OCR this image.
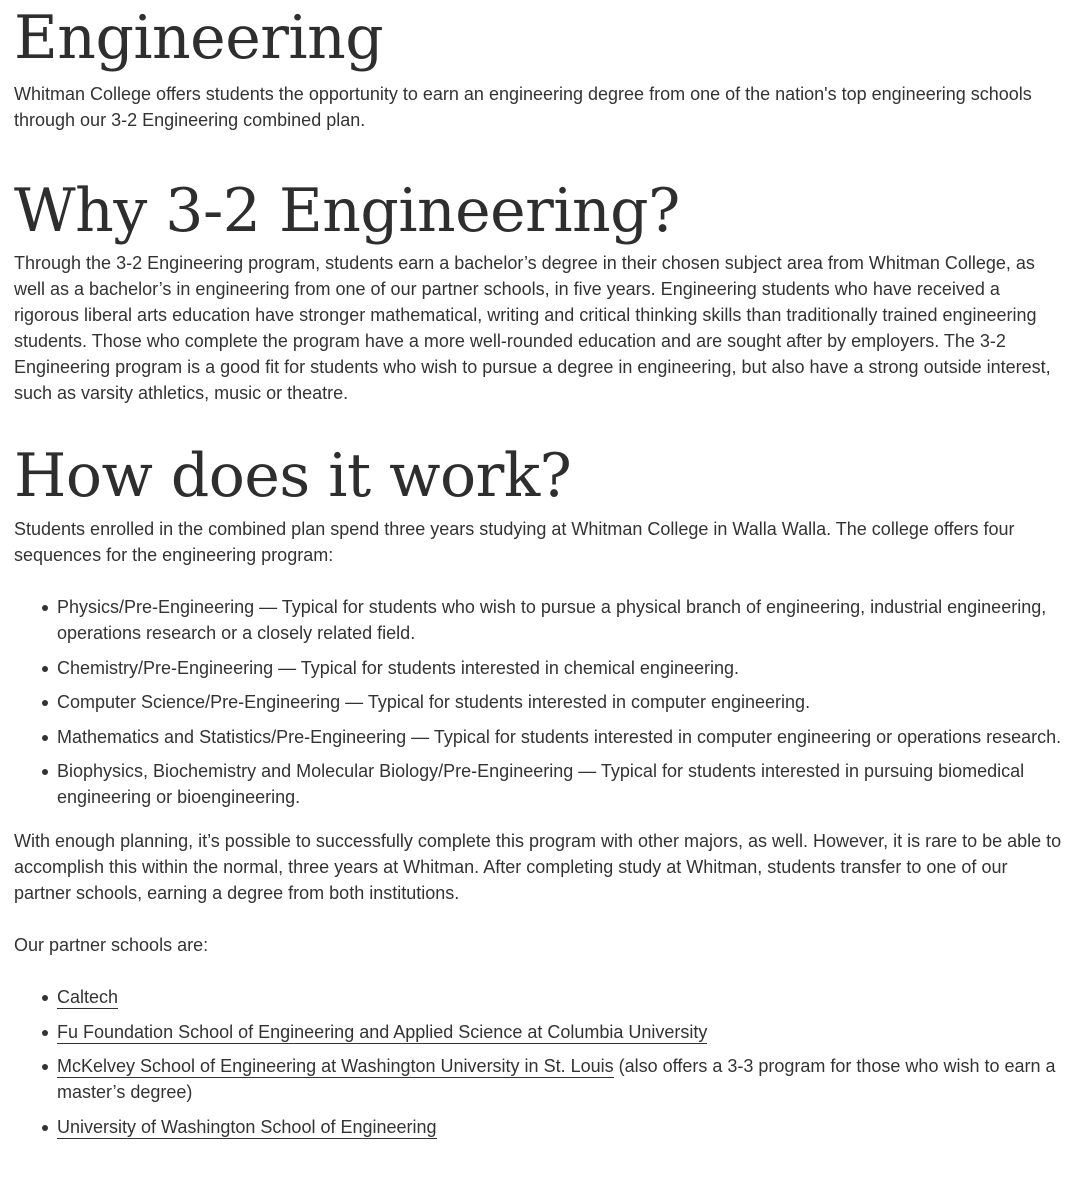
Engineering

Whitman College offers students the opportunity to earn an engineering degree from one of the nation's top engineering schools through our 3-2 Engineering combined plan.

Why 3-2 Engineering?

Through the 3-2 Engineering program, students earn a bachelor’s degree in their chosen subject area from Whitman College, as well as a bachelor’s in engineering from one of our partner schools, in five years. Engineering students who have received a rigorous liberal arts education have stronger mathematical, writing and critical thinking skills than traditionally trained engineering students. Those who complete the program have a more well-rounded education and are sought after by employers. The 3-2 Engineering program is a good fit for students who wish to pursue a degree in engineering, but also have a strong outside interest, such as varsity athletics, music or theatre.

How does it work?

Students enrolled in the combined plan spend three years studying at Whitman College in Walla Walla. The college offers four sequences for the engineering program:

Physics/Pre-Engineering — Typical for students who wish to pursue a physical branch of engineering, industrial engineering, operations research or a closely related field.
Chemistry/Pre-Engineering — Typical for students interested in chemical engineering.
Computer Science/Pre-Engineering — Typical for students interested in computer engineering.
Mathematics and Statistics/Pre-Engineering — Typical for students interested in computer engineering or operations research.
Biophysics, Biochemistry and Molecular Biology/Pre-Engineering — Typical for students interested in pursuing biomedical engineering or bioengineering.

With enough planning, it’s possible to successfully complete this program with other majors, as well. However, it is rare to be able to accomplish this within the normal, three years at Whitman. After completing study at Whitman, students transfer to one of our partner schools, earning a degree from both institutions.

Our partner schools are:

Caltech
Fu Foundation School of Engineering and Applied Science at Columbia University
McKelvey School of Engineering at Washington University in St. Louis (also offers a 3-3 program for those who wish to earn a master’s degree)
University of Washington School of Engineering
